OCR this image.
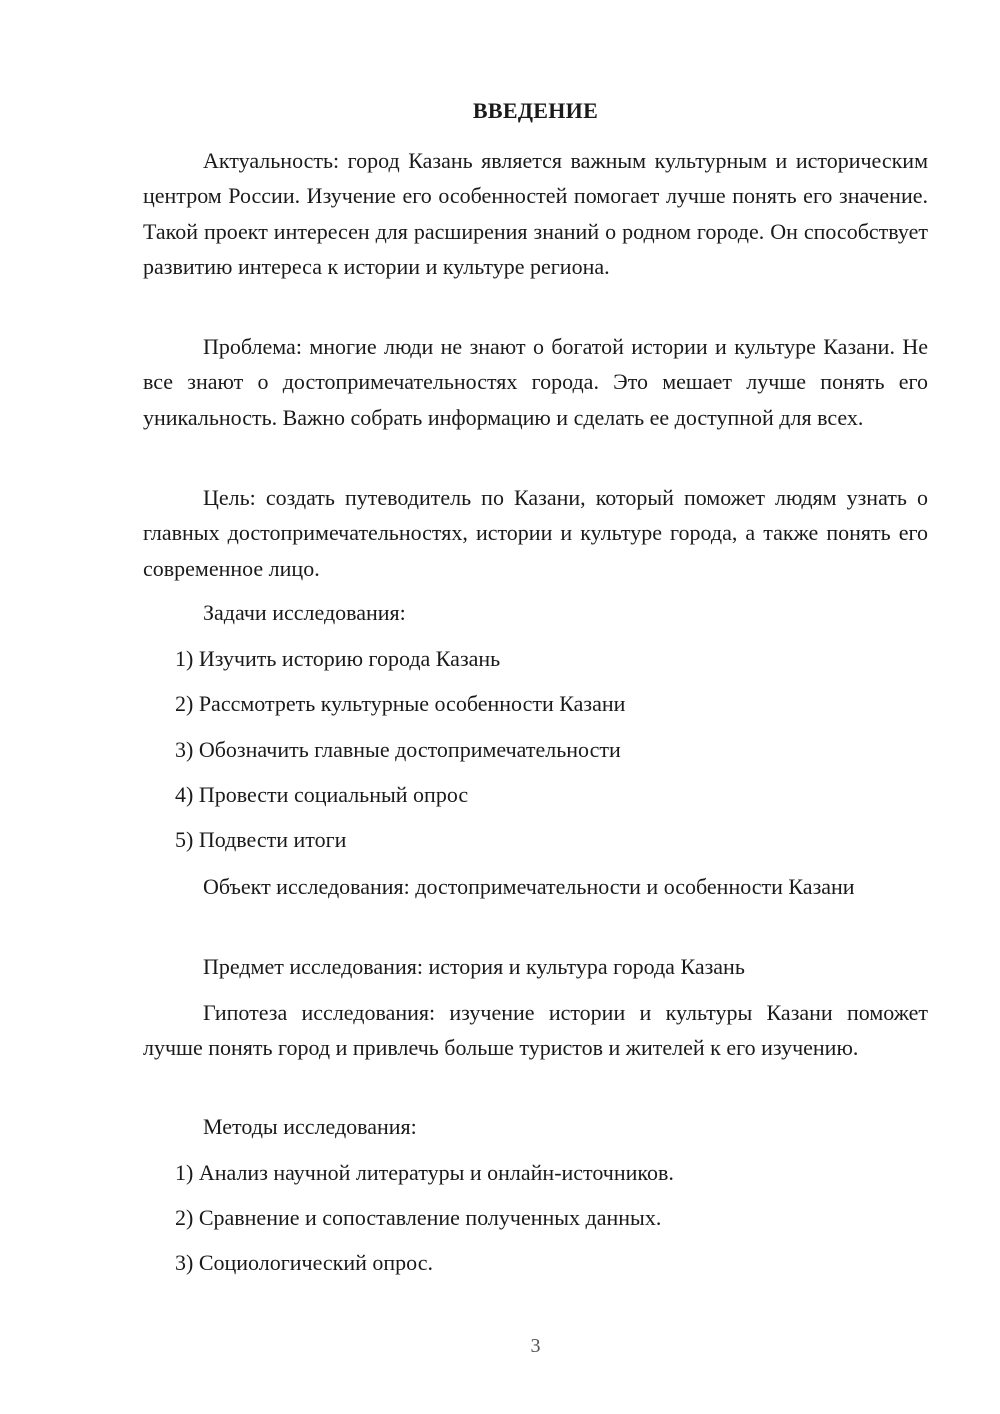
ВВЕДЕНИЕ

Актуальность: город Казань является важным культурным и историческим центром России. Изучение его особенностей помогает лучше понять его значение. Такой проект интересен для расширения знаний о родном городе. Он способствует развитию интереса к истории и культуре региона.

Проблема: многие люди не знают о богатой истории и культуре Казани. Не все знают о достопримечательностях города. Это мешает лучше понять его уникальность. Важно собрать информацию и сделать ее доступной для всех.

Цель: создать путеводитель по Казани, который поможет людям узнать о главных достопримечательностях, истории и культуре города, а также понять его современное лицо.

Задачи исследования:

1) Изучить историю города Казань

2) Рассмотреть культурные особенности Казани

3) Обозначить главные достопримечательности

4) Провести социальный опрос

5) Подвести итоги

Объект исследования: достопримечательности и особенности Казани

Предмет исследования: история и культура города Казань

Гипотеза исследования: изучение истории и культуры Казани поможет лучше понять город и привлечь больше туристов и жителей к его изучению.

Методы исследования:

1) Анализ научной литературы и онлайн-источников.

2) Сравнение и сопоставление полученных данных.

3) Социологический опрос.

3
